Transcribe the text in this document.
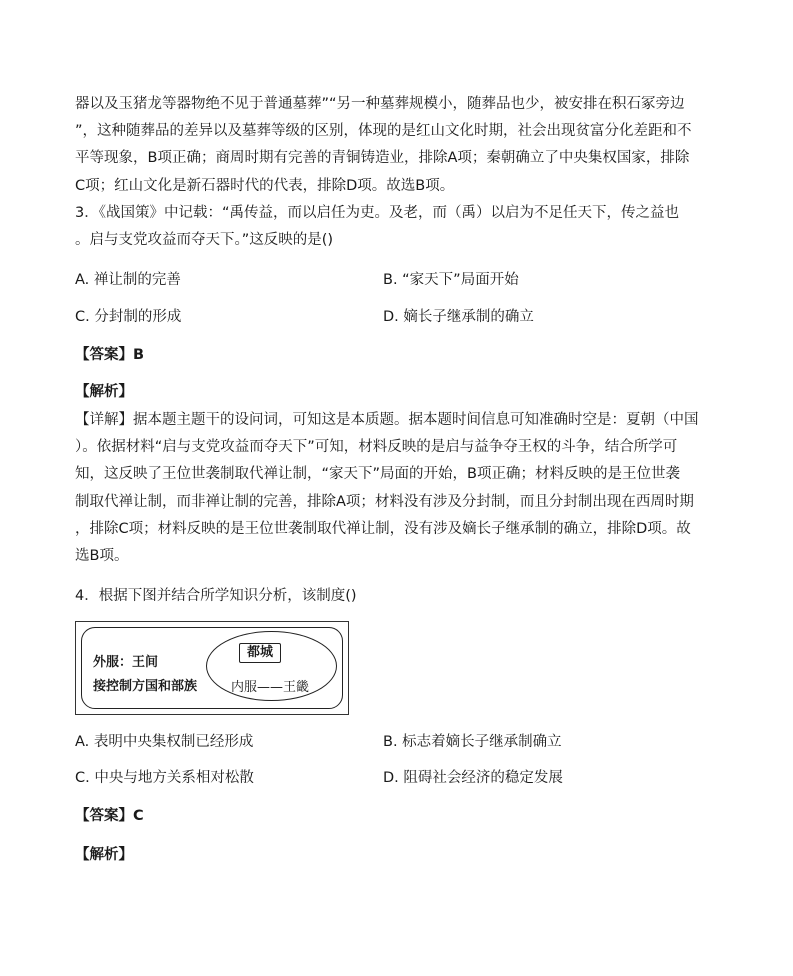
器以及玉猪龙等器物绝不见于普通墓葬”“另一种墓葬规模小，随葬品也少，被安排在积石冢旁边
”，这种随葬品的差异以及墓葬等级的区别，体现的是红山文化时期，社会出现贫富分化差距和不
平等现象，B项正确；商周时期有完善的青铜铸造业，排除A项；秦朝确立了中央集权国家，排除
C项；红山文化是新石器时代的代表，排除D项。故选B项。
3．《战国策》中记载：“禹传益，而以启任为吏。及老，而（禹）以启为不足任天下，传之益也
。启与支党攻益而夺天下。”这反映的是()
A. 禅让制的完善	B. “家天下”局面开始
C. 分封制的形成	D. 嫡长子继承制的确立
【答案】B
【解析】
【详解】据本题主题干的设问词，可知这是本质题。据本题时间信息可知准确时空是：夏朝（中国
）。依据材料“启与支党攻益而夺天下”可知，材料反映的是启与益争夺王权的斗争，结合所学可
知，这反映了王位世袭制取代禅让制，“家天下”局面的开始，B项正确；材料反映的是王位世袭
制取代禅让制，而非禅让制的完善，排除A项；材料没有涉及分封制，而且分封制出现在西周时期
，排除C项；材料反映的是王位世袭制取代禅让制，没有涉及嫡长子继承制的确立，排除D项。故
选B项。
4．根据下图并结合所学知识分析，该制度()
外服：王间
接控制方国和部族
都城
内服——王畿
A. 表明中央集权制已经形成	B. 标志着嫡长子继承制确立
C. 中央与地方关系相对松散	D. 阻碍社会经济的稳定发展
【答案】C
【解析】
